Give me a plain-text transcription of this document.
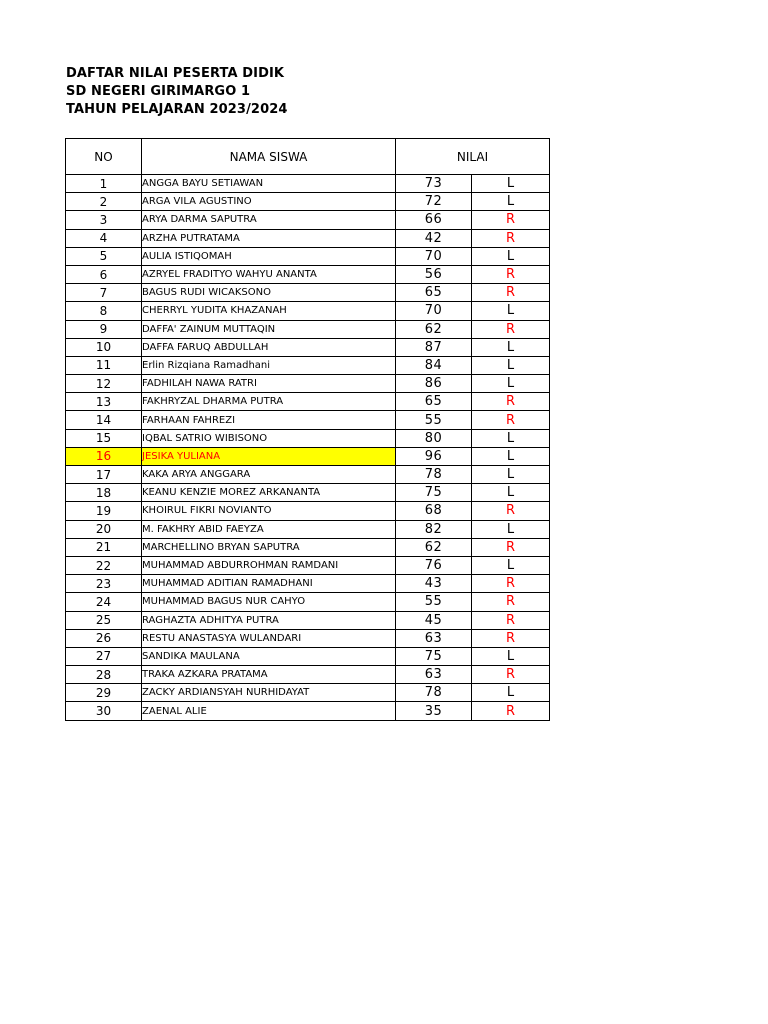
DAFTAR NILAI PESERTA DIDIK
SD NEGERI GIRIMARGO 1
TAHUN PELAJARAN 2023/2024
NO	NAMA SISWA	NILAI	
1	ANGGA BAYU SETIAWAN	73	L
2	ARGA VILA AGUSTINO	72	L
3	ARYA DARMA SAPUTRA	66	R
4	ARZHA PUTRATAMA	42	R
5	AULIA ISTIQOMAH	70	L
6	AZRYEL FRADITYO WAHYU ANANTA	56	R
7	BAGUS RUDI WICAKSONO	65	R
8	CHERRYL YUDITA KHAZANAH	70	L
9	DAFFA' ZAINUM MUTTAQIN	62	R
10	DAFFA FARUQ ABDULLAH	87	L
11	Erlin Rizqiana Ramadhani	84	L
12	FADHILAH NAWA RATRI	86	L
13	FAKHRYZAL DHARMA PUTRA	65	R
14	FARHAAN FAHREZI	55	R
15	IQBAL SATRIO WIBISONO	80	L
16	JESIKA YULIANA	96	L
17	KAKA ARYA ANGGARA	78	L
18	KEANU KENZIE MOREZ ARKANANTA	75	L
19	KHOIRUL FIKRI NOVIANTO	68	R
20	M. FAKHRY ABID FAEYZA	82	L
21	MARCHELLINO BRYAN SAPUTRA	62	R
22	MUHAMMAD ABDURROHMAN RAMDANI	76	L
23	MUHAMMAD ADITIAN RAMADHANI	43	R
24	MUHAMMAD BAGUS NUR CAHYO	55	R
25	RAGHAZTA ADHITYA PUTRA	45	R
26	RESTU ANASTASYA WULANDARI	63	R
27	SANDIKA MAULANA	75	L
28	TRAKA AZKARA PRATAMA	63	R
29	ZACKY ARDIANSYAH NURHIDAYAT	78	L
30	ZAENAL ALIE	35	R
